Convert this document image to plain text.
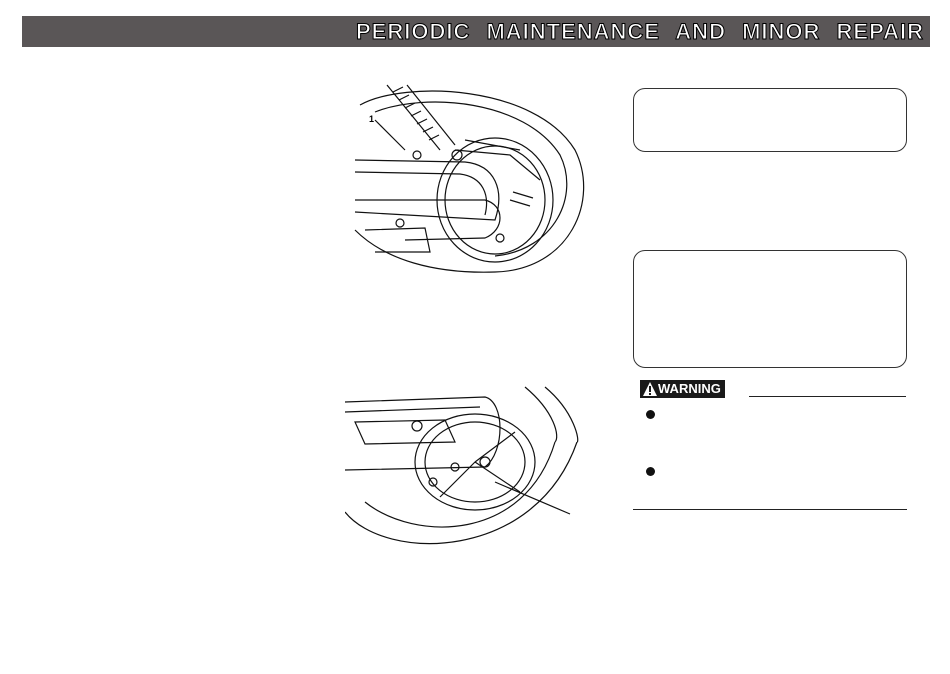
PERIODIC MAINTENANCE AND MINOR REPAIR
1
WARNING
